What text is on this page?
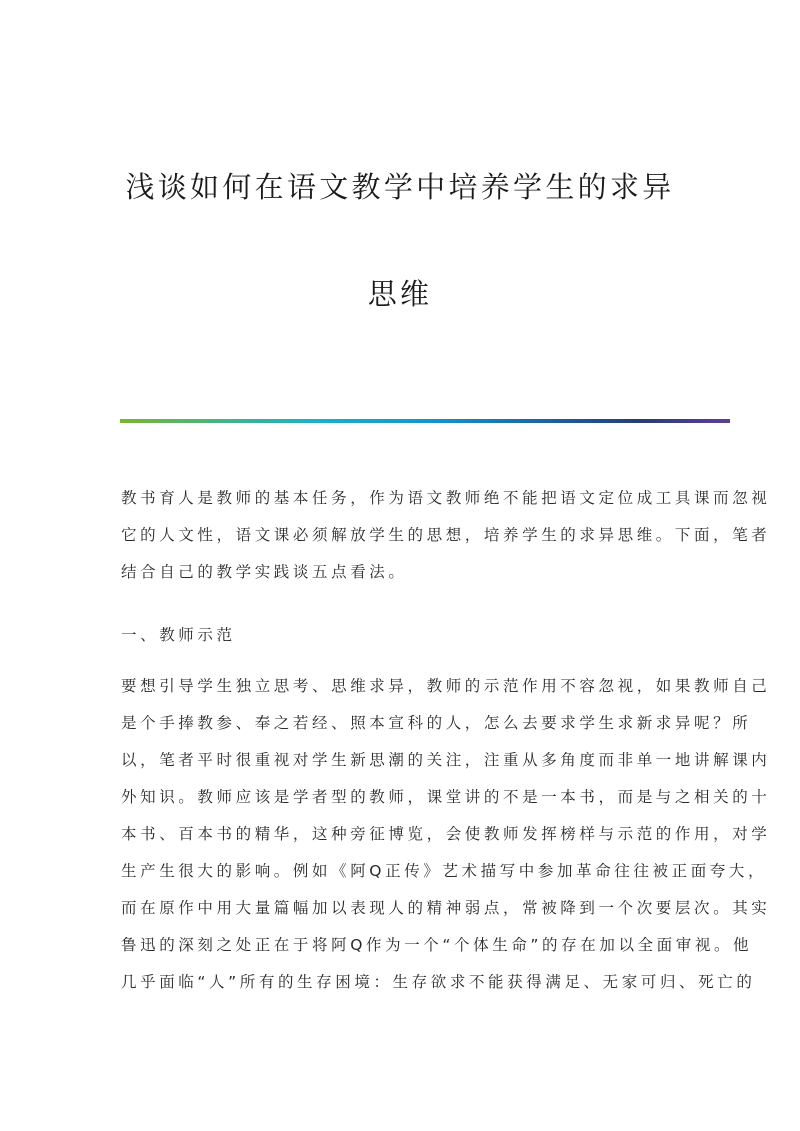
浅谈如何在语文教学中培养学生的求异
思维
教书育人是教师的基本任务，作为语文教师绝不能把语文定位成工具课而忽视
它的人文性，语文课必须解放学生的思想，培养学生的求异思维。下面，笔者
结合自己的教学实践谈五点看法。
一、教师示范
要想引导学生独立思考、思维求异，教师的示范作用不容忽视，如果教师自己
是个手捧教参、奉之若经、照本宣科的人，怎么去要求学生求新求异呢？所
以，笔者平时很重视对学生新思潮的关注，注重从多角度而非单一地讲解课内
外知识。教师应该是学者型的教师，课堂讲的不是一本书，而是与之相关的十
本书、百本书的精华，这种旁征博览，会使教师发挥榜样与示范的作用，对学
生产生很大的影响。例如《阿Q正传》艺术描写中参加革命往往被正面夸大，
而在原作中用大量篇幅加以表现人的精神弱点，常被降到一个次要层次。其实
鲁迅的深刻之处正在于将阿Q作为一个“个体生命”的存在加以全面审视。他
几乎面临“人”所有的生存困境：生存欲求不能获得满足、无家可归、死亡的
